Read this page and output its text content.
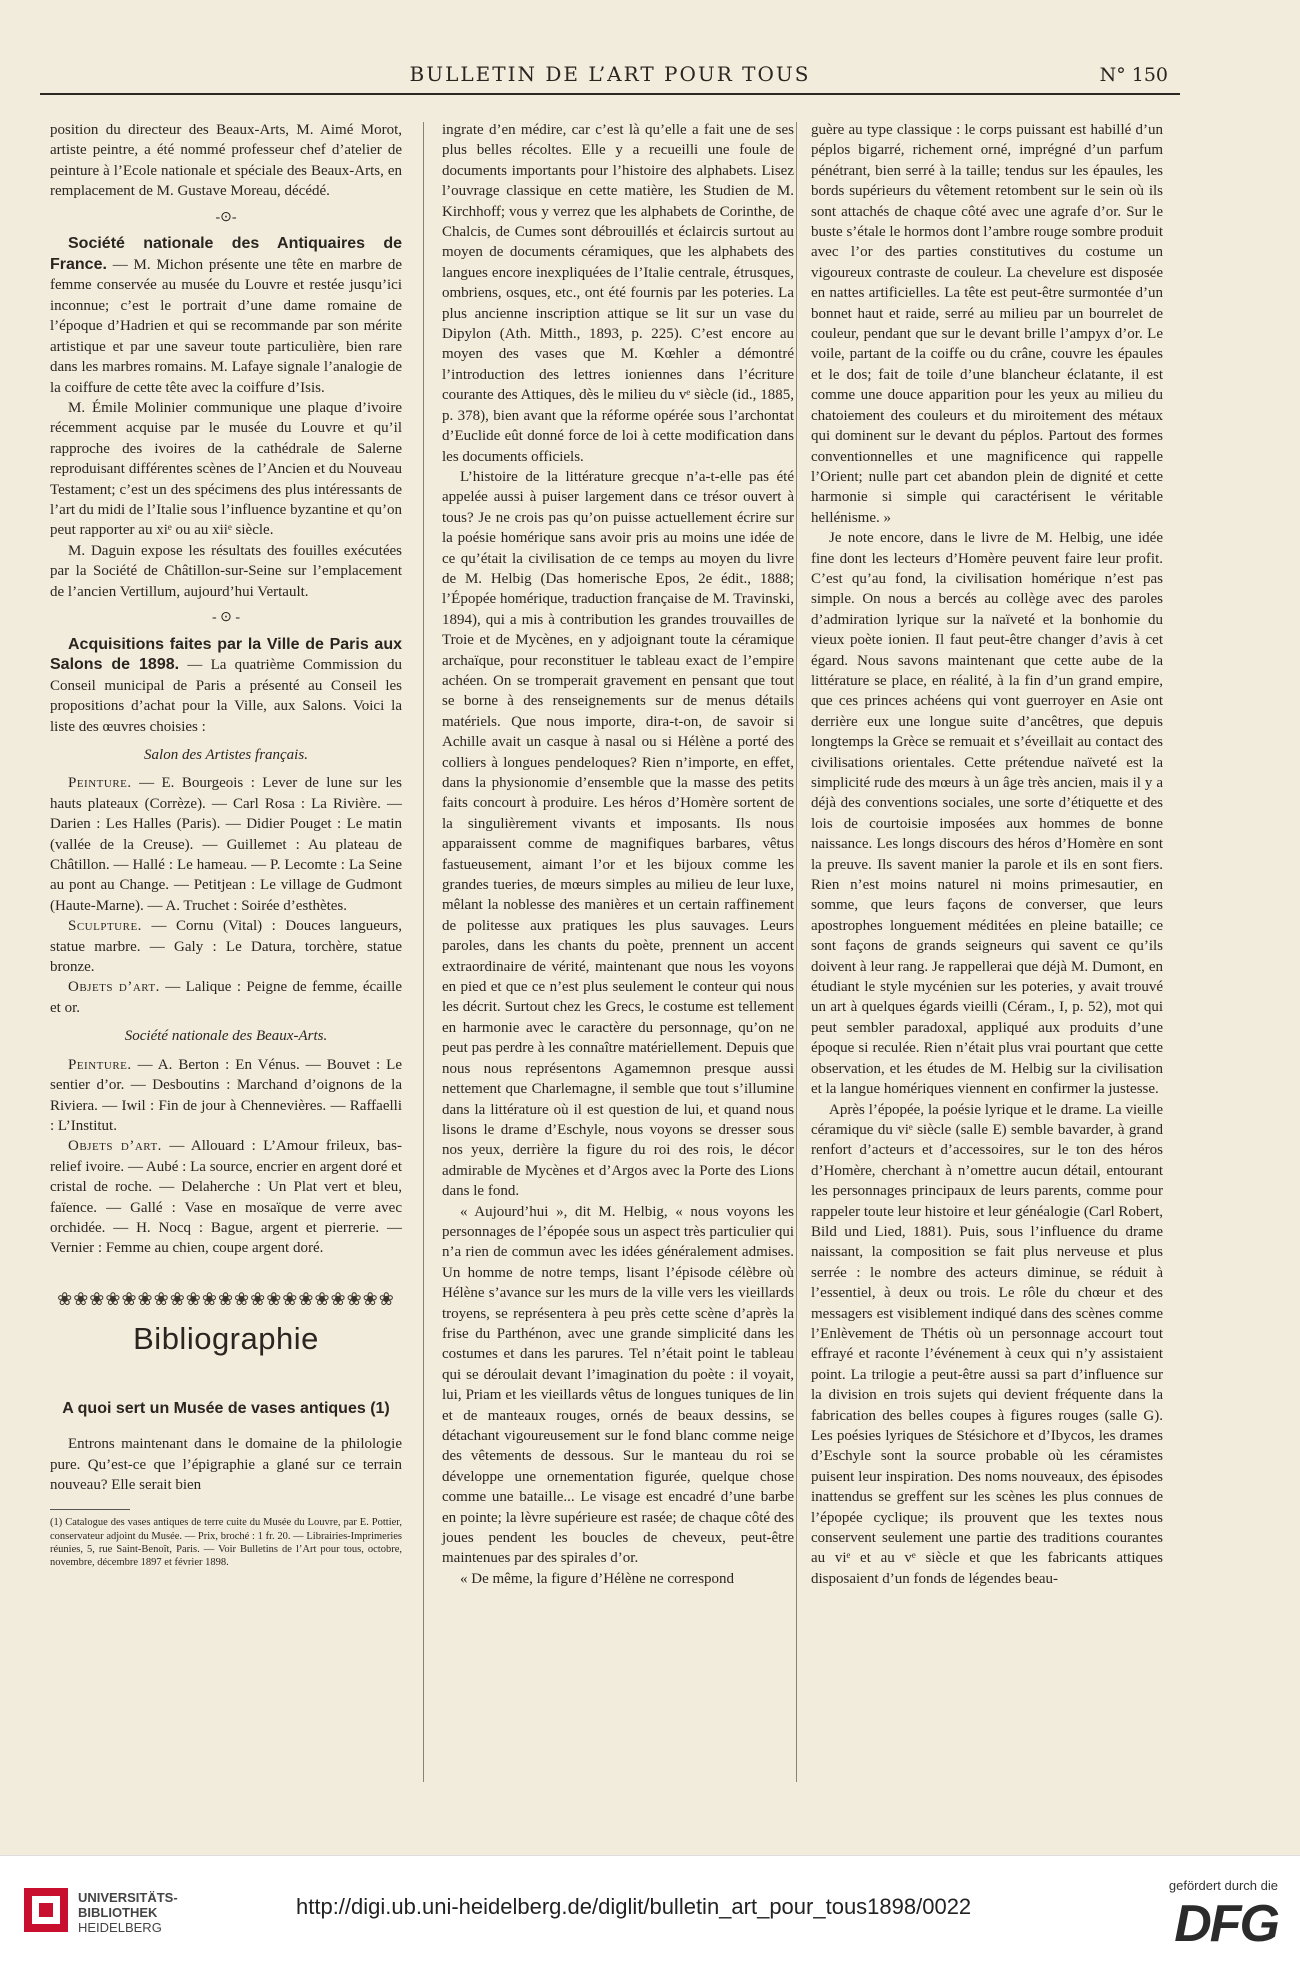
BULLETIN DE L’ART POUR TOUS	N° 150

position du directeur des Beaux-Arts, M. Aimé Morot, artiste peintre, a été nommé professeur chef d’atelier de peinture à l’Ecole nationale et spéciale des Beaux-Arts, en remplacement de M. Gustave Moreau, décédé.

-⊙-

Société nationale des Antiquaires de France. — M. Michon présente une tête en marbre de femme conservée au musée du Louvre et restée jusqu’ici inconnue; c’est le portrait d’une dame romaine de l’époque d’Hadrien et qui se recommande par son mérite artistique et par une saveur toute particulière, bien rare dans les marbres romains. M. Lafaye signale l’analogie de la coiffure de cette tête avec la coiffure d’Isis.

M. Émile Molinier communique une plaque d’ivoire récemment acquise par le musée du Louvre et qu’il rapproche des ivoires de la cathédrale de Salerne reproduisant différentes scènes de l’Ancien et du Nouveau Testament; c’est un des spécimens des plus intéressants de l’art du midi de l’Italie sous l’influence byzantine et qu’on peut rapporter au xiᵉ ou au xiiᵉ siècle.

M. Daguin expose les résultats des fouilles exécutées par la Société de Châtillon-sur-Seine sur l’emplacement de l’ancien Vertillum, aujourd’hui Vertault.

- ⊙ -

Acquisitions faites par la Ville de Paris aux Salons de 1898. — La quatrième Commission du Conseil municipal de Paris a présenté au Conseil les propositions d’achat pour la Ville, aux Salons. Voici la liste des œuvres choisies :

Salon des Artistes français.

Peinture. — E. Bourgeois : Lever de lune sur les hauts plateaux (Corrèze). — Carl Rosa : La Rivière. — Darien : Les Halles (Paris). — Didier Pouget : Le matin (vallée de la Creuse). — Guillemet : Au plateau de Châtillon. — Hallé : Le hameau. — P. Lecomte : La Seine au pont au Change. — Petitjean : Le village de Gudmont (Haute-Marne). — A. Truchet : Soirée d’esthètes.

Sculpture. — Cornu (Vital) : Douces langueurs, statue marbre. — Galy : Le Datura, torchère, statue bronze.

Objets d’art. — Lalique : Peigne de femme, écaille et or.

Société nationale des Beaux-Arts.

Peinture. — A. Berton : En Vénus. — Bouvet : Le sentier d’or. — Desboutins : Marchand d’oignons de la Riviera. — Iwil : Fin de jour à Chennevières. — Raffaelli : L’Institut.

Objets d’art. — Allouard : L’Amour frileux, bas-relief ivoire. — Aubé : La source, encrier en argent doré et cristal de roche. — Delaherche : Un Plat vert et bleu, faïence. — Gallé : Vase en mosaïque de verre avec orchidée. — H. Nocq : Bague, argent et pierrerie. — Vernier : Femme au chien, coupe argent doré.

❀❀❀❀❀❀❀❀❀❀❀❀❀❀❀❀❀❀❀❀❀
Bibliographie
A quoi sert un Musée de vases antiques (1)

Entrons maintenant dans le domaine de la philologie pure. Qu’est-ce que l’épigraphie a glané sur ce terrain nouveau? Elle serait bien

(1) Catalogue des vases antiques de terre cuite du Musée du Louvre, par E. Pottier, conservateur adjoint du Musée. — Prix, broché : 1 fr. 20. — Librairies-Imprimeries réunies, 5, rue Saint-Benoît, Paris. — Voir Bulletins de l’Art pour tous, octobre, novembre, décembre 1897 et février 1898.

ingrate d’en médire, car c’est là qu’elle a fait une de ses plus belles récoltes. Elle y a recueilli une foule de documents importants pour l’histoire des alphabets. Lisez l’ouvrage classique en cette matière, les Studien de M. Kirchhoff; vous y verrez que les alphabets de Corinthe, de Chalcis, de Cumes sont débrouillés et éclaircis surtout au moyen de documents céramiques, que les alphabets des langues encore inexpliquées de l’Italie centrale, étrusques, ombriens, osques, etc., ont été fournis par les poteries. La plus ancienne inscription attique se lit sur un vase du Dipylon (Ath. Mitth., 1893, p. 225). C’est encore au moyen des vases que M. Kœhler a démontré l’introduction des lettres ioniennes dans l’écriture courante des Attiques, dès le milieu du vᵉ siècle (id., 1885, p. 378), bien avant que la réforme opérée sous l’archontat d’Euclide eût donné force de loi à cette modification dans les documents officiels.

L’histoire de la littérature grecque n’a-t-elle pas été appelée aussi à puiser largement dans ce trésor ouvert à tous? Je ne crois pas qu’on puisse actuellement écrire sur la poésie homérique sans avoir pris au moins une idée de ce qu’était la civilisation de ce temps au moyen du livre de M. Helbig (Das homerische Epos, 2e édit., 1888; l’Épopée homérique, traduction française de M. Travinski, 1894), qui a mis à contribution les grandes trouvailles de Troie et de Mycènes, en y adjoignant toute la céramique archaïque, pour reconstituer le tableau exact de l’empire achéen. On se tromperait gravement en pensant que tout se borne à des renseignements sur de menus détails matériels. Que nous importe, dira-t-on, de savoir si Achille avait un casque à nasal ou si Hélène a porté des colliers à longues pendeloques? Rien n’importe, en effet, dans la physionomie d’ensemble que la masse des petits faits concourt à produire. Les héros d’Homère sortent de la singulièrement vivants et imposants. Ils nous apparaissent comme de magnifiques barbares, vêtus fastueusement, aimant l’or et les bijoux comme les grandes tueries, de mœurs simples au milieu de leur luxe, mêlant la noblesse des manières et un certain raffinement de politesse aux pratiques les plus sauvages. Leurs paroles, dans les chants du poète, prennent un accent extraordinaire de vérité, maintenant que nous les voyons en pied et que ce n’est plus seulement le conteur qui nous les décrit. Surtout chez les Grecs, le costume est tellement en harmonie avec le caractère du personnage, qu’on ne peut pas perdre à les connaître matériellement. Depuis que nous nous représentons Agamemnon presque aussi nettement que Charlemagne, il semble que tout s’illumine dans la littérature où il est question de lui, et quand nous lisons le drame d’Eschyle, nous voyons se dresser sous nos yeux, derrière la figure du roi des rois, le décor admirable de Mycènes et d’Argos avec la Porte des Lions dans le fond.

« Aujourd’hui », dit M. Helbig, « nous voyons les personnages de l’épopée sous un aspect très particulier qui n’a rien de commun avec les idées généralement admises. Un homme de notre temps, lisant l’épisode célèbre où Hélène s’avance sur les murs de la ville vers les vieillards troyens, se représentera à peu près cette scène d’après la frise du Parthénon, avec une grande simplicité dans les costumes et dans les parures. Tel n’était point le tableau qui se déroulait devant l’imagination du poète : il voyait, lui, Priam et les vieillards vêtus de longues tuniques de lin et de manteaux rouges, ornés de beaux dessins, se détachant vigoureusement sur le fond blanc comme neige des vêtements de dessous. Sur le manteau du roi se développe une ornementation figurée, quelque chose comme une bataille... Le visage est encadré d’une barbe en pointe; la lèvre supérieure est rasée; de chaque côté des joues pendent les boucles de cheveux, peut-être maintenues par des spirales d’or.

« De même, la figure d’Hélène ne correspond

guère au type classique : le corps puissant est habillé d’un péplos bigarré, richement orné, imprégné d’un parfum pénétrant, bien serré à la taille; tendus sur les épaules, les bords supérieurs du vêtement retombent sur le sein où ils sont attachés de chaque côté avec une agrafe d’or. Sur le buste s’étale le hormos dont l’ambre rouge sombre produit avec l’or des parties constitutives du costume un vigoureux contraste de couleur. La chevelure est disposée en nattes artificielles. La tête est peut-être surmontée d’un bonnet haut et raide, serré au milieu par un bourrelet de couleur, pendant que sur le devant brille l’ampyx d’or. Le voile, partant de la coiffe ou du crâne, couvre les épaules et le dos; fait de toile d’une blancheur éclatante, il est comme une douce apparition pour les yeux au milieu du chatoiement des couleurs et du miroitement des métaux qui dominent sur le devant du péplos. Partout des formes conventionnelles et une magnificence qui rappelle l’Orient; nulle part cet abandon plein de dignité et cette harmonie si simple qui caractérisent le véritable hellénisme. »

Je note encore, dans le livre de M. Helbig, une idée fine dont les lecteurs d’Homère peuvent faire leur profit. C’est qu’au fond, la civilisation homérique n’est pas simple. On nous a bercés au collège avec des paroles d’admiration lyrique sur la naïveté et la bonhomie du vieux poète ionien. Il faut peut-être changer d’avis à cet égard. Nous savons maintenant que cette aube de la littérature se place, en réalité, à la fin d’un grand empire, que ces princes achéens qui vont guerroyer en Asie ont derrière eux une longue suite d’ancêtres, que depuis longtemps la Grèce se remuait et s’éveillait au contact des civilisations orientales. Cette prétendue naïveté est la simplicité rude des mœurs à un âge très ancien, mais il y a déjà des conventions sociales, une sorte d’étiquette et des lois de courtoisie imposées aux hommes de bonne naissance. Les longs discours des héros d’Homère en sont la preuve. Ils savent manier la parole et ils en sont fiers. Rien n’est moins naturel ni moins primesautier, en somme, que leurs façons de converser, que leurs apostrophes longuement méditées en pleine bataille; ce sont façons de grands seigneurs qui savent ce qu’ils doivent à leur rang. Je rappellerai que déjà M. Dumont, en étudiant le style mycénien sur les poteries, y avait trouvé un art à quelques égards vieilli (Céram., I, p. 52), mot qui peut sembler paradoxal, appliqué aux produits d’une époque si reculée. Rien n’était plus vrai pourtant que cette observation, et les études de M. Helbig sur la civilisation et la langue homériques viennent en confirmer la justesse.

Après l’épopée, la poésie lyrique et le drame. La vieille céramique du viᵉ siècle (salle E) semble bavarder, à grand renfort d’acteurs et d’accessoires, sur le ton des héros d’Homère, cherchant à n’omettre aucun détail, entourant les personnages principaux de leurs parents, comme pour rappeler toute leur histoire et leur généalogie (Carl Robert, Bild und Lied, 1881). Puis, sous l’influence du drame naissant, la composition se fait plus nerveuse et plus serrée : le nombre des acteurs diminue, se réduit à l’essentiel, à deux ou trois. Le rôle du chœur et des messagers est visiblement indiqué dans des scènes comme l’Enlèvement de Thétis où un personnage accourt tout effrayé et raconte l’événement à ceux qui n’y assistaient point. La trilogie a peut-être aussi sa part d’influence sur la division en trois sujets qui devient fréquente dans la fabrication des belles coupes à figures rouges (salle G). Les poésies lyriques de Stésichore et d’Ibycos, les drames d’Eschyle sont la source probable où les céramistes puisent leur inspiration. Des noms nouveaux, des épisodes inattendus se greffent sur les scènes les plus connues de l’épopée cyclique; ils prouvent que les textes nous conservent seulement une partie des traditions courantes au viᵉ et au vᵉ siècle et que les fabricants attiques disposaient d’un fonds de légendes beau-

UNIVERSITÄTS-
BIBLIOTHEK
HEIDELBERG
http://digi.ub.uni-heidelberg.de/diglit/bulletin_art_pour_tous1898/0022
gefördert durch die
DFG
